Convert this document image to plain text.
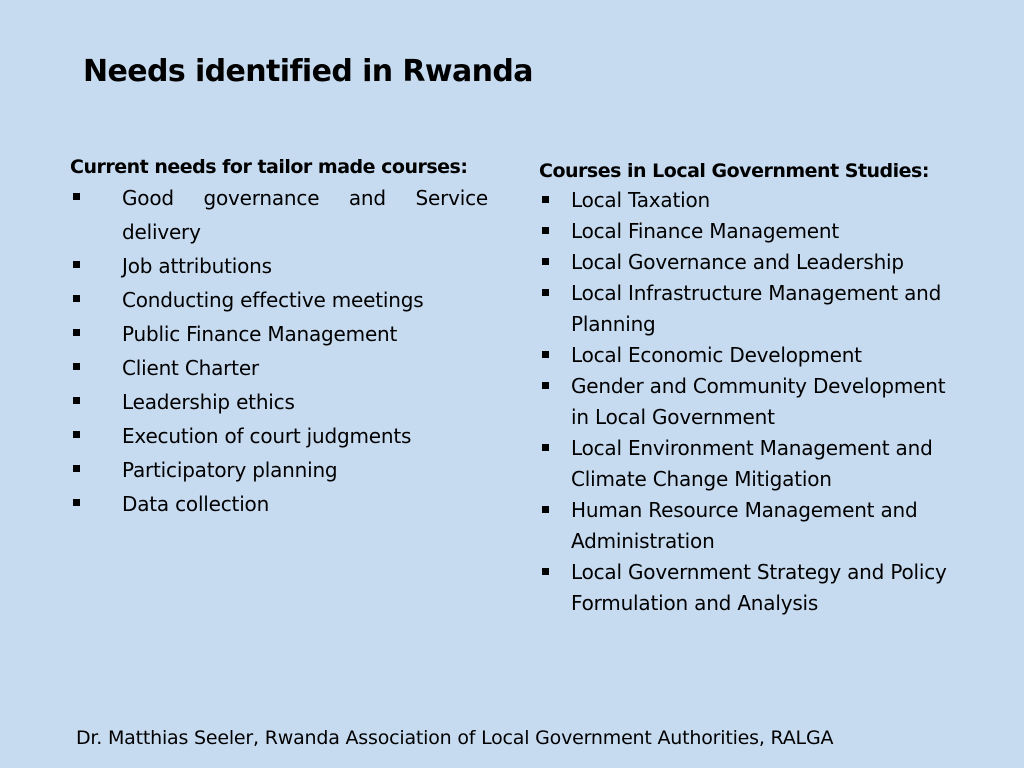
Needs identified in Rwanda

Current needs for tailor made courses:

Good governance and Service
delivery
Job attributions
Conducting effective meetings
Public Finance Management
Client Charter
Leadership ethics
Execution of court judgments
Participatory planning
Data collection

Courses in Local Government Studies:

Local Taxation
Local Finance Management
Local Governance and Leadership
Local Infrastructure Management and Planning
Local Economic Development
Gender and Community Development in Local Government
Local Environment Management and Climate Change Mitigation
Human Resource Management and Administration
Local Government Strategy and Policy Formulation and Analysis
Dr. Matthias Seeler, Rwanda Association of Local Government Authorities, RALGA
